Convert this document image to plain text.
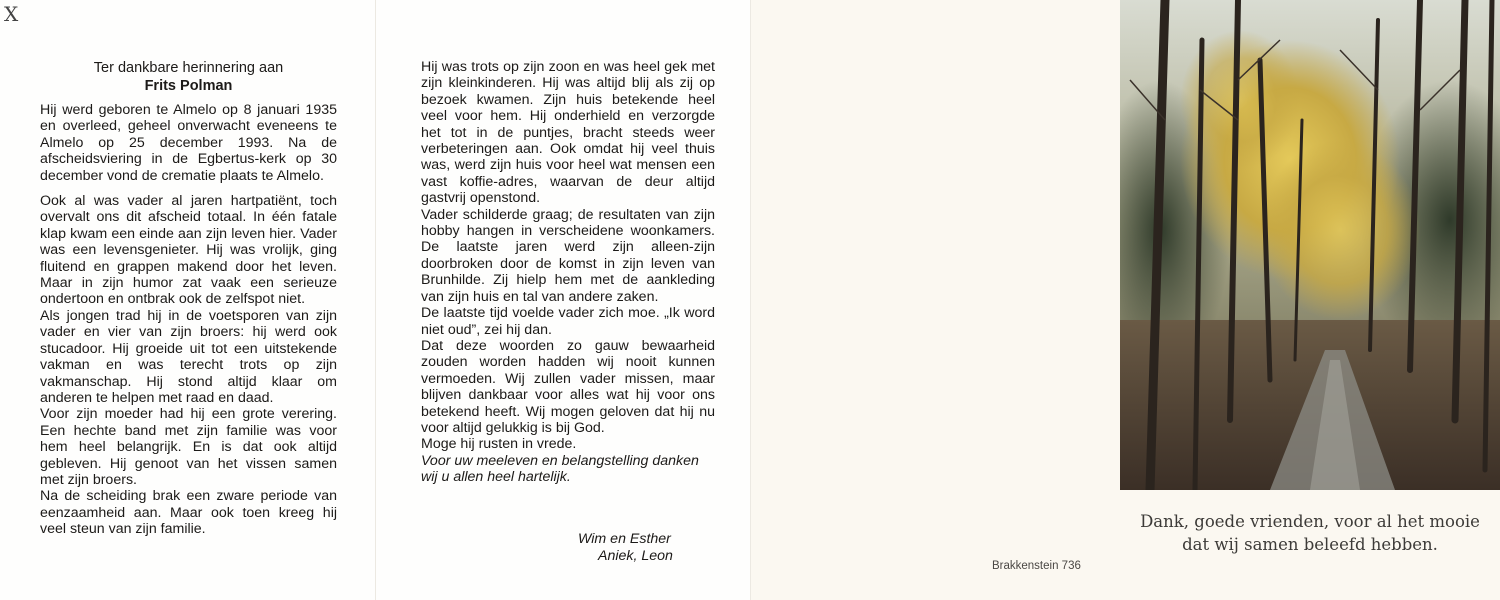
X
Ter dankbare herinnering aan
Frits Polman

Hij werd geboren te Almelo op 8 januari 1935 en overleed, geheel onverwacht eveneens te Almelo op 25 december 1993. Na de afscheidsviering in de Egbertus-kerk op 30 december vond de crematie plaats te Almelo.

Ook al was vader al jaren hartpatiënt, toch overvalt ons dit afscheid totaal. In één fatale klap kwam een einde aan zijn leven hier. Vader was een levensgenieter. Hij was vrolijk, ging fluitend en grappen makend door het leven. Maar in zijn humor zat vaak een serieuze ondertoon en ontbrak ook de zelfspot niet.

Als jongen trad hij in de voetsporen van zijn vader en vier van zijn broers: hij werd ook stucadoor. Hij groeide uit tot een uitstekende vakman en was terecht trots op zijn vakmanschap. Hij stond altijd klaar om anderen te helpen met raad en daad.

Voor zijn moeder had hij een grote verering. Een hechte band met zijn familie was voor hem heel belangrijk. En is dat ook altijd gebleven. Hij genoot van het vissen samen met zijn broers.

Na de scheiding brak een zware periode van eenzaamheid aan. Maar ook toen kreeg hij veel steun van zijn familie.

Hij was trots op zijn zoon en was heel gek met zijn kleinkinderen. Hij was altijd blij als zij op bezoek kwamen. Zijn huis betekende heel veel voor hem. Hij onderhield en verzorgde het tot in de puntjes, bracht steeds weer verbeteringen aan. Ook omdat hij veel thuis was, werd zijn huis voor heel wat mensen een vast koffie-adres, waarvan de deur altijd gastvrij openstond.

Vader schilderde graag; de resultaten van zijn hobby hangen in verscheidene woonkamers. De laatste jaren werd zijn alleen-zijn doorbroken door de komst in zijn leven van Brunhilde. Zij hielp hem met de aankleding van zijn huis en tal van andere zaken.

De laatste tijd voelde vader zich moe. „Ik word niet oud”, zei hij dan.

Dat deze woorden zo gauw bewaarheid zouden worden hadden wij nooit kunnen vermoeden. Wij zullen vader missen, maar blijven dankbaar voor alles wat hij voor ons betekend heeft. Wij mogen geloven dat hij nu voor altijd gelukkig is bij God.

Moge hij rusten in vrede.

Voor uw meeleven en belangstelling danken wij u allen heel hartelijk.

Wim en Esther
Aniek, Leon
Dank, goede vrienden, voor al het mooie
dat wij samen beleefd hebben.
Brakkenstein 736
